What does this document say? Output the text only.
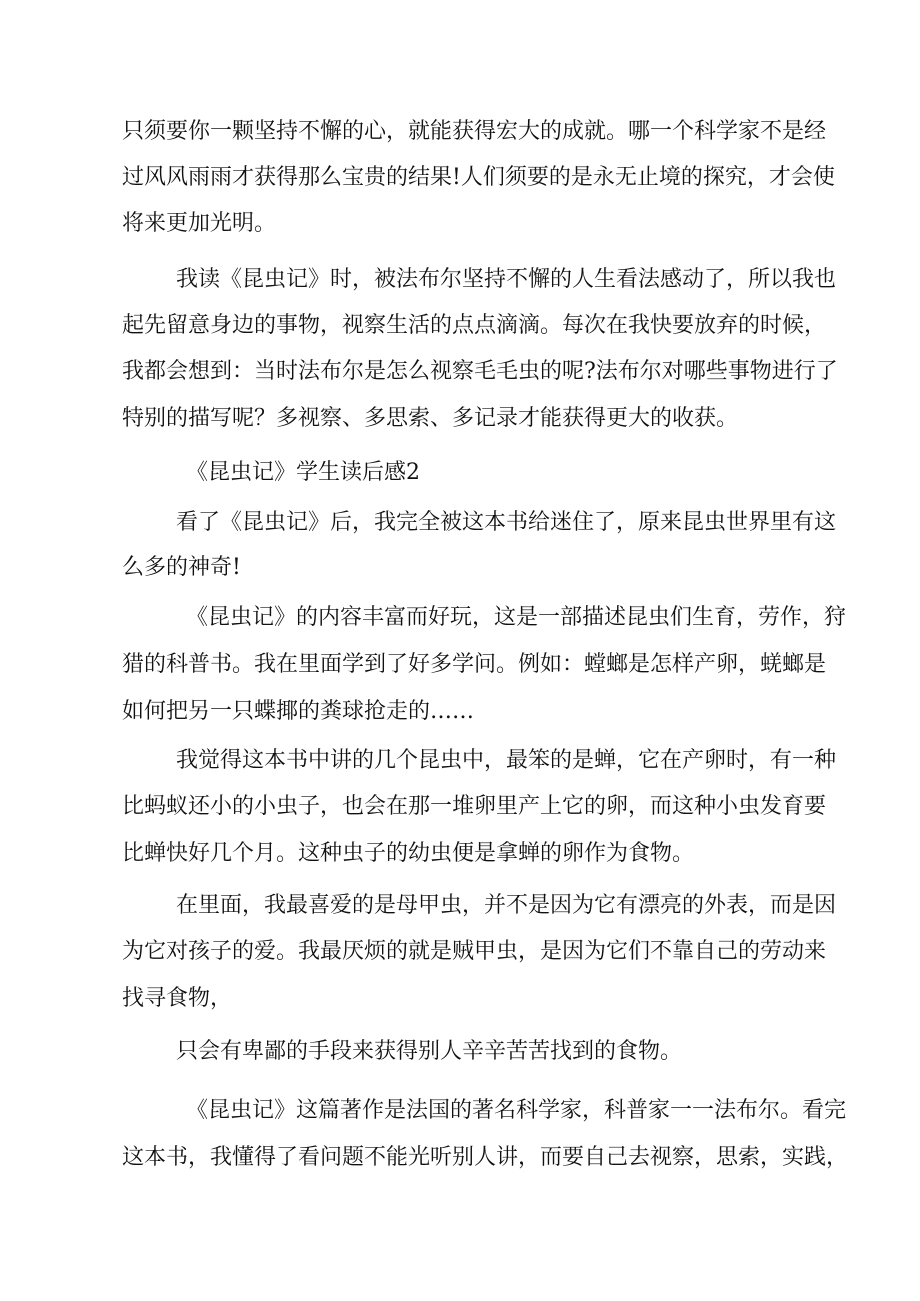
只须要你一颗坚持不懈的心，就能获得宏大的成就。哪一个科学家不是经
过风风雨雨才获得那么宝贵的结果!人们须要的是永无止境的探究，才会使
将来更加光明。
我读《昆虫记》时，被法布尔坚持不懈的人生看法感动了，所以我也
起先留意身边的事物，视察生活的点点滴滴。每次在我快要放弃的时候，
我都会想到：当时法布尔是怎么视察毛毛虫的呢?法布尔对哪些事物进行了
特别的描写呢？多视察、多思索、多记录才能获得更大的收获。
《昆虫记》学生读后感2
看了《昆虫记》后，我完全被这本书给迷住了，原来昆虫世界里有这
么多的神奇!
《昆虫记》的内容丰富而好玩，这是一部描述昆虫们生育，劳作，狩
猎的科普书。我在里面学到了好多学问。例如：螳螂是怎样产卵，蜣螂是
如何把另一只蝶揶的粪球抢走的……
我觉得这本书中讲的几个昆虫中，最笨的是蝉，它在产卵时，有一种
比蚂蚁还小的小虫子，也会在那一堆卵里产上它的卵，而这种小虫发育要
比蝉快好几个月。这种虫子的幼虫便是拿蝉的卵作为食物。
在里面，我最喜爱的是母甲虫，并不是因为它有漂亮的外表，而是因
为它对孩子的爱。我最厌烦的就是贼甲虫，是因为它们不靠自己的劳动来
找寻食物，
只会有卑鄙的手段来获得别人辛辛苦苦找到的食物。
《昆虫记》这篇著作是法国的著名科学家，科普家一一法布尔。看完
这本书，我懂得了看问题不能光听别人讲，而要自己去视察，思索，实践，
